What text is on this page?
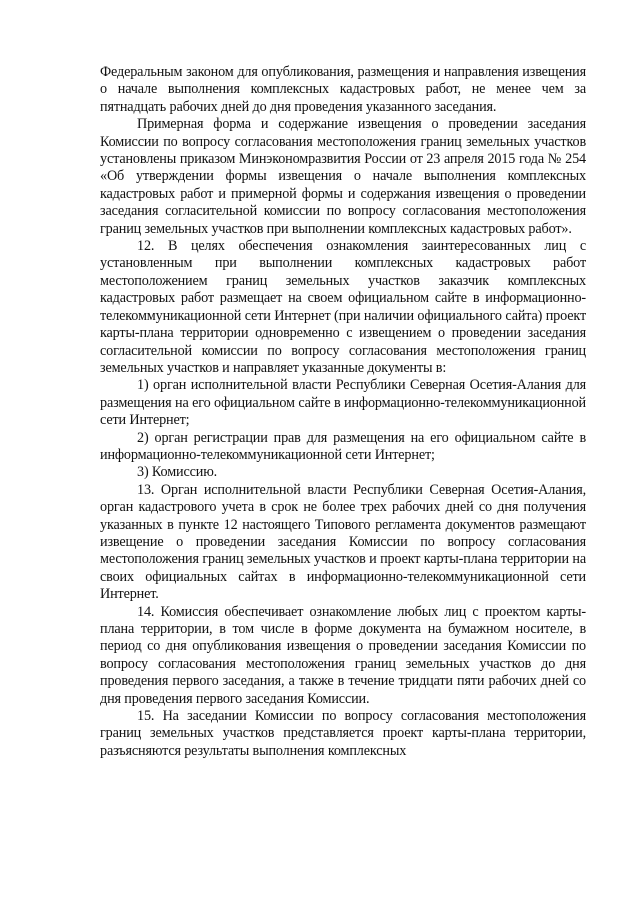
Федеральным законом для опубликования, размещения и направления извещения о начале выполнения комплексных кадастровых работ, не менее чем за пятнадцать рабочих дней до дня проведения указанного заседания.

Примерная форма и содержание извещения о проведении заседания Комиссии по вопросу согласования местоположения границ земельных участков установлены приказом Минэкономразвития России от 23 апреля 2015 года № 254 «Об утверждении формы извещения о начале выполнения комплексных кадастровых работ и примерной формы и содержания извещения о проведении заседания согласительной комиссии по вопросу согласования местоположения границ земельных участков при выполнении комплексных кадастровых работ».

12. В целях обеспечения ознакомления заинтересованных лиц с установленным при выполнении комплексных кадастровых работ местоположением границ земельных участков заказчик комплексных кадастровых работ размещает на своем официальном сайте в информационно-телекоммуникационной сети Интернет (при наличии официального сайта) проект карты-плана территории одновременно с извещением о проведении заседания согласительной комиссии по вопросу согласования местоположения границ земельных участков и направляет указанные документы в:

1) орган исполнительной власти Республики Северная Осетия-Алания для размещения на его официальном сайте в информационно-телекоммуникационной сети Интернет;

2) орган регистрации прав для размещения на его официальном сайте в информационно-телекоммуникационной сети Интернет;

3) Комиссию.

13. Орган исполнительной власти Республики Северная Осетия-Алания, орган кадастрового учета в срок не более трех рабочих дней со дня получения указанных в пункте 12 настоящего Типового регламента документов размещают извещение о проведении заседания Комиссии по вопросу согласования местоположения границ земельных участков и проект карты-плана территории на своих официальных сайтах в информационно-телекоммуникационной сети Интернет.

14. Комиссия обеспечивает ознакомление любых лиц с проектом карты-плана территории, в том числе в форме документа на бумажном носителе, в период со дня опубликования извещения о проведении заседания Комиссии по вопросу согласования местоположения границ земельных участков до дня проведения первого заседания, а также в течение тридцати пяти рабочих дней со дня проведения первого заседания Комиссии.

15. На заседании Комиссии по вопросу согласования местоположения границ земельных участков представляется проект карты-плана территории, разъясняются результаты выполнения комплексных
